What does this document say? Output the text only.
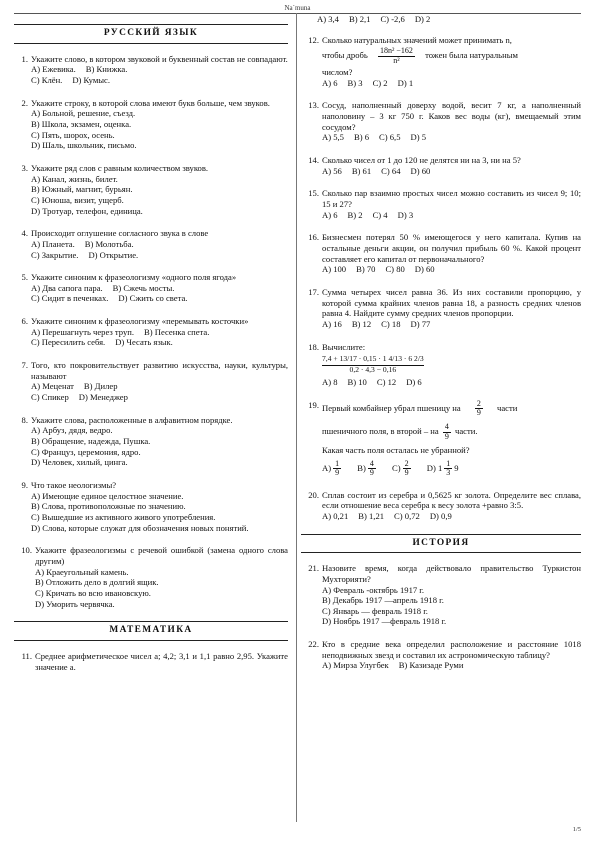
Na`muna
РУССКИЙ ЯЗЫК
1. Укажите слово, в котором звуковой и буквенный состав не совпадают.
A) Ежевика. B) Книжка.
C) Клён. D) Кумыс.
2. Укажите строку, в которой слова имеют букв больше, чем звуков.
A) Больной, решение, съезд.
B) Школа, экзамен, оценка.
C) Пять, шорох, осень.
D) Шаль, школьник, письмо.
3. Укажите ряд слов с равным количеством звуков.
A) Канал, жизнь, билет.
B) Южный, магнит, бурьян.
C) Юноша, визит, ущерб.
D) Тротуар, телефон, единица.
4. Происходит оглушение согласного звука в слове
A) Планета. B) Молотьба.
C) Закрытие. D) Открытие.
5. Укажите синоним к фразеологизму «одного поля ягода»
A) Два сапога пара. B) Сжечь мосты.
C) Сидит в печенках. D) Сжить со света.
6. Укажите синоним к фразеологизму «перемывать косточки»
A) Перешагнуть через труп. B) Песенка спета.
C) Пересилить себя. D) Чесать язык.
7. Того, кто покровительствует развитию искусства, науки, культуры, называют
A) Меценат B) Дилер
C) Спикер D) Менеджер
8. Укажите слова, расположенные в алфавитном порядке.
A) Арбуз, дядя, ведро.
B) Обращение, надежда, Пушка.
C) Француз, церемония, ядро.
D) Человек, хилый, цинга.
9. Что такое неологизмы?
A) Имеющие единое целостное значение.
B) Слова, противоположные по значению.
C) Вышедшие из активного живого употребления.
D) Слова, которые служат для обозначения новых понятий.
10. Укажите фразеологизмы с речевой ошибкой (замена одного слова другим)
A) Краеугольный камень.
B) Отложить дело в долгий ящик.
C) Кричать во всю ивановскую.
D) Уморить червячка.
МАТЕМАТИКА
11. Среднее арифметическое чисел a; 4,2; 3,1 и 1,1 равно 2,95. Укажите значение a.
A) 3,4 B) 2,1 C) -2,6 D) 2
12. Сколько натуральных значений может принимать n,
чтобы дробь $\frac{\text{18n² −162}}{\text{n²}}$ тожен была натуральным
числом?
A) 6 B) 3 C) 2 D) 1
13. Сосуд, наполненный доверху водой, весит 7 кг, а наполненный наполовину – 3 кг 750 г. Каков вес воды (кг), вмещаемый этим сосудом?
A) 5,5 B) 6 C) 6,5 D) 5
14. Сколько чисел от 1 до 120 не делятся ни на 3, ни на 5?
A) 56 B) 61 C) 64 D) 60
15. Сколько пар взаимно простых чисел можно составить из чисел 9; 10; 15 и 27?
A) 6 B) 2 C) 4 D) 3
16. Бизнесмен потерял 50 % имеющегося у него капитала. Купив на остальные деньги акции, он получил прибыль 60 %. Какой процент составляет его капитал от первоначального?
A) 100 B) 70 C) 80 D) 60
17. Сумма четырех чисел равна 36. Из них составили пропорцию, у которой сумма крайних членов равна 18, а разность средних членов равна 4. Найдите сумму средних членов пропорции.
A) 16 B) 12 C) 18 D) 77
18. Вычислите:
$\frac{7,4 + 13/17 \cdot 0,15 \cdot 1 4/13 \cdot 6 2/3}{0,2 \cdot 4,3 - 0,16}$
A) 8 B) 10 C) 12 D) 6
19. Первый комбайнер убрал пшеницу на $\frac{2}{9}$ части
пшеничного поля, в второй – на $\frac{4}{9}$ части.
Какая часть поля осталась не убранной?
$A) \frac{1}{9} B) \frac{4}{9} C) \frac{2}{9} D$) $1 \frac{1}{3} 9$
20. Сплав состоит из серебра и 0,5625 кг золота. Определите вес сплава, если отношение веса серебра к весу золота +равно 3:5.
A) 0,21 B) 1,21 C) 0,72 D) 0,9
ИСТОРИЯ
21. Назовите время, когда действовало правительство Туркистон Мухторияти?
A) Февраль -октябрь 1917 г.
B) Декабрь 1917 —апрель 1918 г.
C) Январь — февраль 1918 г.
D) Ноябрь 1917 —февраль 1918 г.
22. Кто в средние века определил расположение и расстояние 1018 неподвижных звезд и составил их астрономическую таблицу?
A) Мирза Улугбек B) Казизаде Руми
1/5
